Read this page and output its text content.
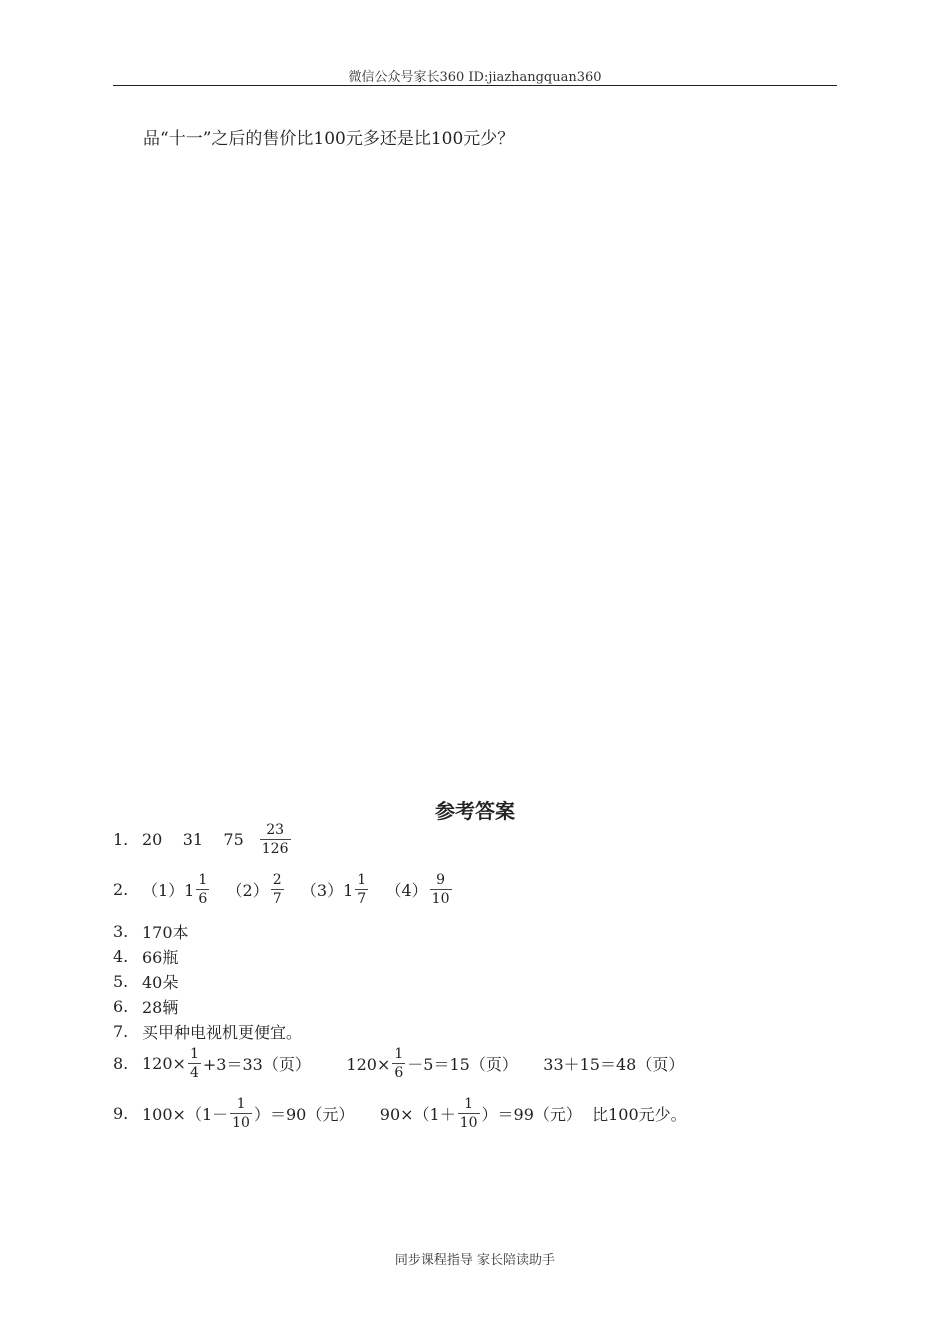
微信公众号家长360 ID:jiazhangquan360
品“十一”之后的售价比100元多还是比100元少？
参考答案
1. 20    31    $75 \frac{23}{126}$
2. $(1)1 \frac{1}{6} (2) \frac{2}{7} (3)1 \frac{1}{7} (4) \frac{9}{10}$
3. 170本
4. 66瓶
5. 40朵
6. 28辆
7. 买甲种电视机更便宜。
8. $120\times \frac{1}{4} +3=33$（页）       $120\times \frac{1}{6} -5=15$（页）     33＋15＝48（页）
9. $100\times(1- \frac{1}{10} )=90$（元）     $90\times(1+ \frac{1}{10} )=99$（元）  比100元少。
同步课程指导 家长陪读助手
